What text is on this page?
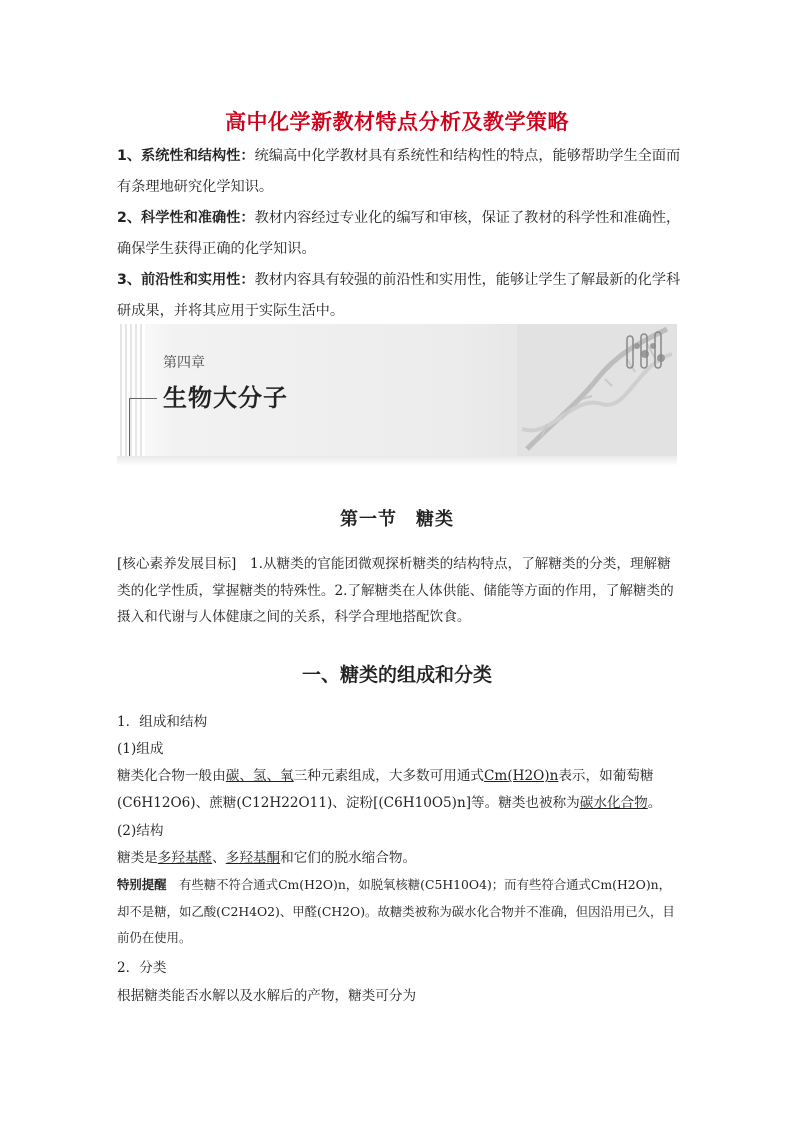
高中化学新教材特点分析及教学策略
1、系统性和结构性：统编高中化学教材具有系统性和结构性的特点，能够帮助学生全面而有条理地研究化学知识。
2、科学性和准确性：教材内容经过专业化的编写和审核，保证了教材的科学性和准确性，确保学生获得正确的化学知识。
3、前沿性和实用性：教材内容具有较强的前沿性和实用性，能够让学生了解最新的化学科研成果，并将其应用于实际生活中。
第四章
生物大分子
第一节　糖类
[核心素养发展目标]　1.从糖类的官能团微观探析糖类的结构特点，了解糖类的分类，理解糖类的化学性质，掌握糖类的特殊性。2.了解糖类在人体供能、储能等方面的作用，了解糖类的摄入和代谢与人体健康之间的关系，科学合理地搭配饮食。
一、糖类的组成和分类
1．组成和结构
(1)组成
糖类化合物一般由碳、氢、氧三种元素组成，大多数可用通式Cm(H2O)n表示，如葡萄糖(C6H12O6)、蔗糖(C12H22O11)、淀粉[(C6H10O5)n]等。糖类也被称为碳水化合物。
(2)结构
糖类是多羟基醛、多羟基酮和它们的脱水缩合物。
特别提醒　有些糖不符合通式Cm(H2O)n，如脱氧核糖(C5H10O4)；而有些符合通式Cm(H2O)n，却不是糖，如乙酸(C2H4O2)、甲醛(CH2O)。故糖类被称为碳水化合物并不准确，但因沿用已久，目前仍在使用。
2．分类
根据糖类能否水解以及水解后的产物，糖类可分为
